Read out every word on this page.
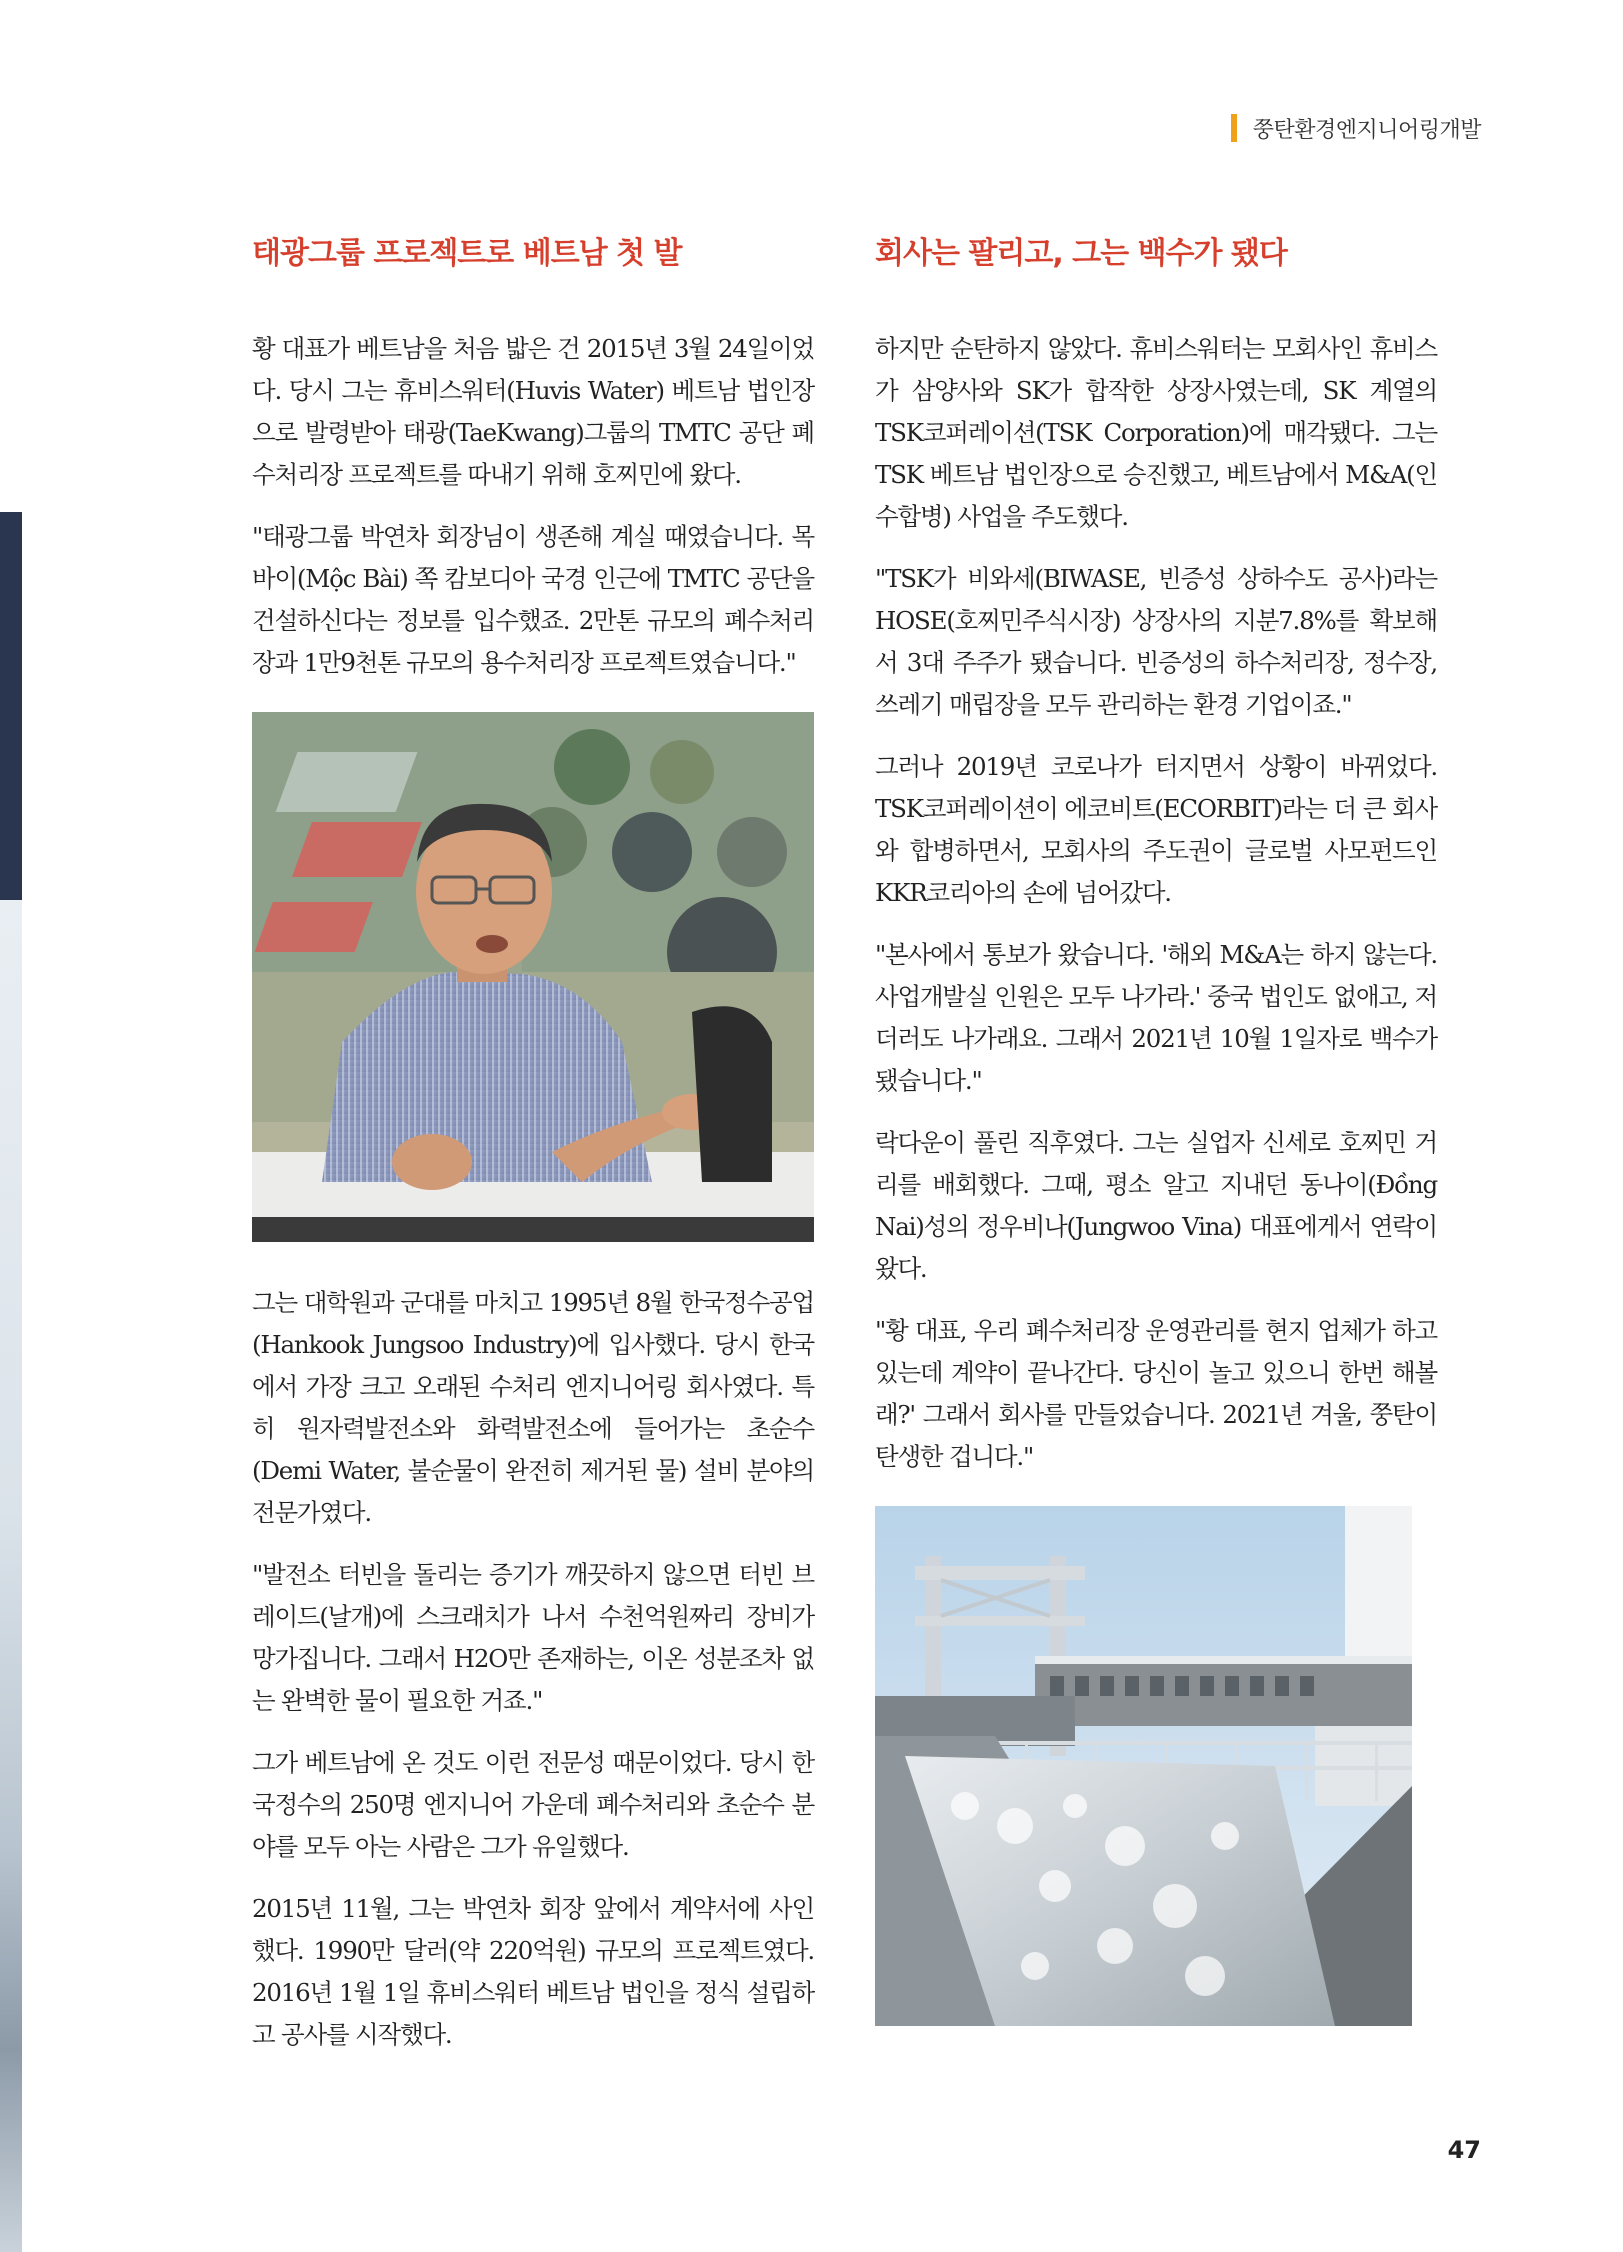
쭝탄환경엔지니어링개발
태광그룹 프로젝트로 베트남 첫 발

황 대표가 베트남을 처음 밟은 건 2015년 3월 24일이었다. 당시 그는 휴비스워터(Huvis Water) 베트남 법인장으로 발령받아 태광(TaeKwang)그룹의 TMTC 공단 폐수처리장 프로젝트를 따내기 위해 호찌민에 왔다.

"태광그룹 박연차 회장님이 생존해 계실 때였습니다. 목바이(Mộc Bài) 쪽 캄보디아 국경 인근에 TMTC 공단을 건설하신다는 정보를 입수했죠. 2만톤 규모의 폐수처리장과 1만9천톤 규모의 용수처리장 프로젝트였습니다."

그는 대학원과 군대를 마치고 1995년 8월 한국정수공업(Hankook Jungsoo Industry)에 입사했다. 당시 한국에서 가장 크고 오래된 수처리 엔지니어링 회사였다. 특히 원자력발전소와 화력발전소에 들어가는 초순수(Demi Water, 불순물이 완전히 제거된 물) 설비 분야의 전문가였다.

"발전소 터빈을 돌리는 증기가 깨끗하지 않으면 터빈 브레이드(날개)에 스크래치가 나서 수천억원짜리 장비가 망가집니다. 그래서 H2O만 존재하는, 이온 성분조차 없는 완벽한 물이 필요한 거죠."

그가 베트남에 온 것도 이런 전문성 때문이었다. 당시 한국정수의 250명 엔지니어 가운데 폐수처리와 초순수 분야를 모두 아는 사람은 그가 유일했다.

2015년 11월, 그는 박연차 회장 앞에서 계약서에 사인했다. 1990만 달러(약 220억원) 규모의 프로젝트였다. 2016년 1월 1일 휴비스워터 베트남 법인을 정식 설립하고 공사를 시작했다.

회사는 팔리고, 그는 백수가 됐다

하지만 순탄하지 않았다. 휴비스워터는 모회사인 휴비스가 삼양사와 SK가 합작한 상장사였는데, SK 계열의 TSK코퍼레이션(TSK Corporation)에 매각됐다. 그는 TSK 베트남 법인장으로 승진했고, 베트남에서 M&A(인수합병) 사업을 주도했다.

"TSK가 비와세(BIWASE, 빈증성 상하수도 공사)라는 HOSE(호찌민주식시장) 상장사의 지분7.8%를 확보해서 3대 주주가 됐습니다. 빈증성의 하수처리장, 정수장, 쓰레기 매립장을 모두 관리하는 환경 기업이죠."

그러나 2019년 코로나가 터지면서 상황이 바뀌었다. TSK코퍼레이션이 에코비트(ECORBIT)라는 더 큰 회사와 합병하면서, 모회사의 주도권이 글로벌 사모펀드인 KKR코리아의 손에 넘어갔다.

"본사에서 통보가 왔습니다. '해외 M&A는 하지 않는다. 사업개발실 인원은 모두 나가라.' 중국 법인도 없애고, 저더러도 나가래요. 그래서 2021년 10월 1일자로 백수가 됐습니다."

락다운이 풀린 직후였다. 그는 실업자 신세로 호찌민 거리를 배회했다. 그때, 평소 알고 지내던 동나이(Đồng Nai)성의 정우비나(Jungwoo Vina) 대표에게서 연락이 왔다.

"황 대표, 우리 폐수처리장 운영관리를 현지 업체가 하고 있는데 계약이 끝나간다. 당신이 놀고 있으니 한번 해볼래?' 그래서 회사를 만들었습니다. 2021년 겨울, 쭝탄이 탄생한 겁니다."

47
